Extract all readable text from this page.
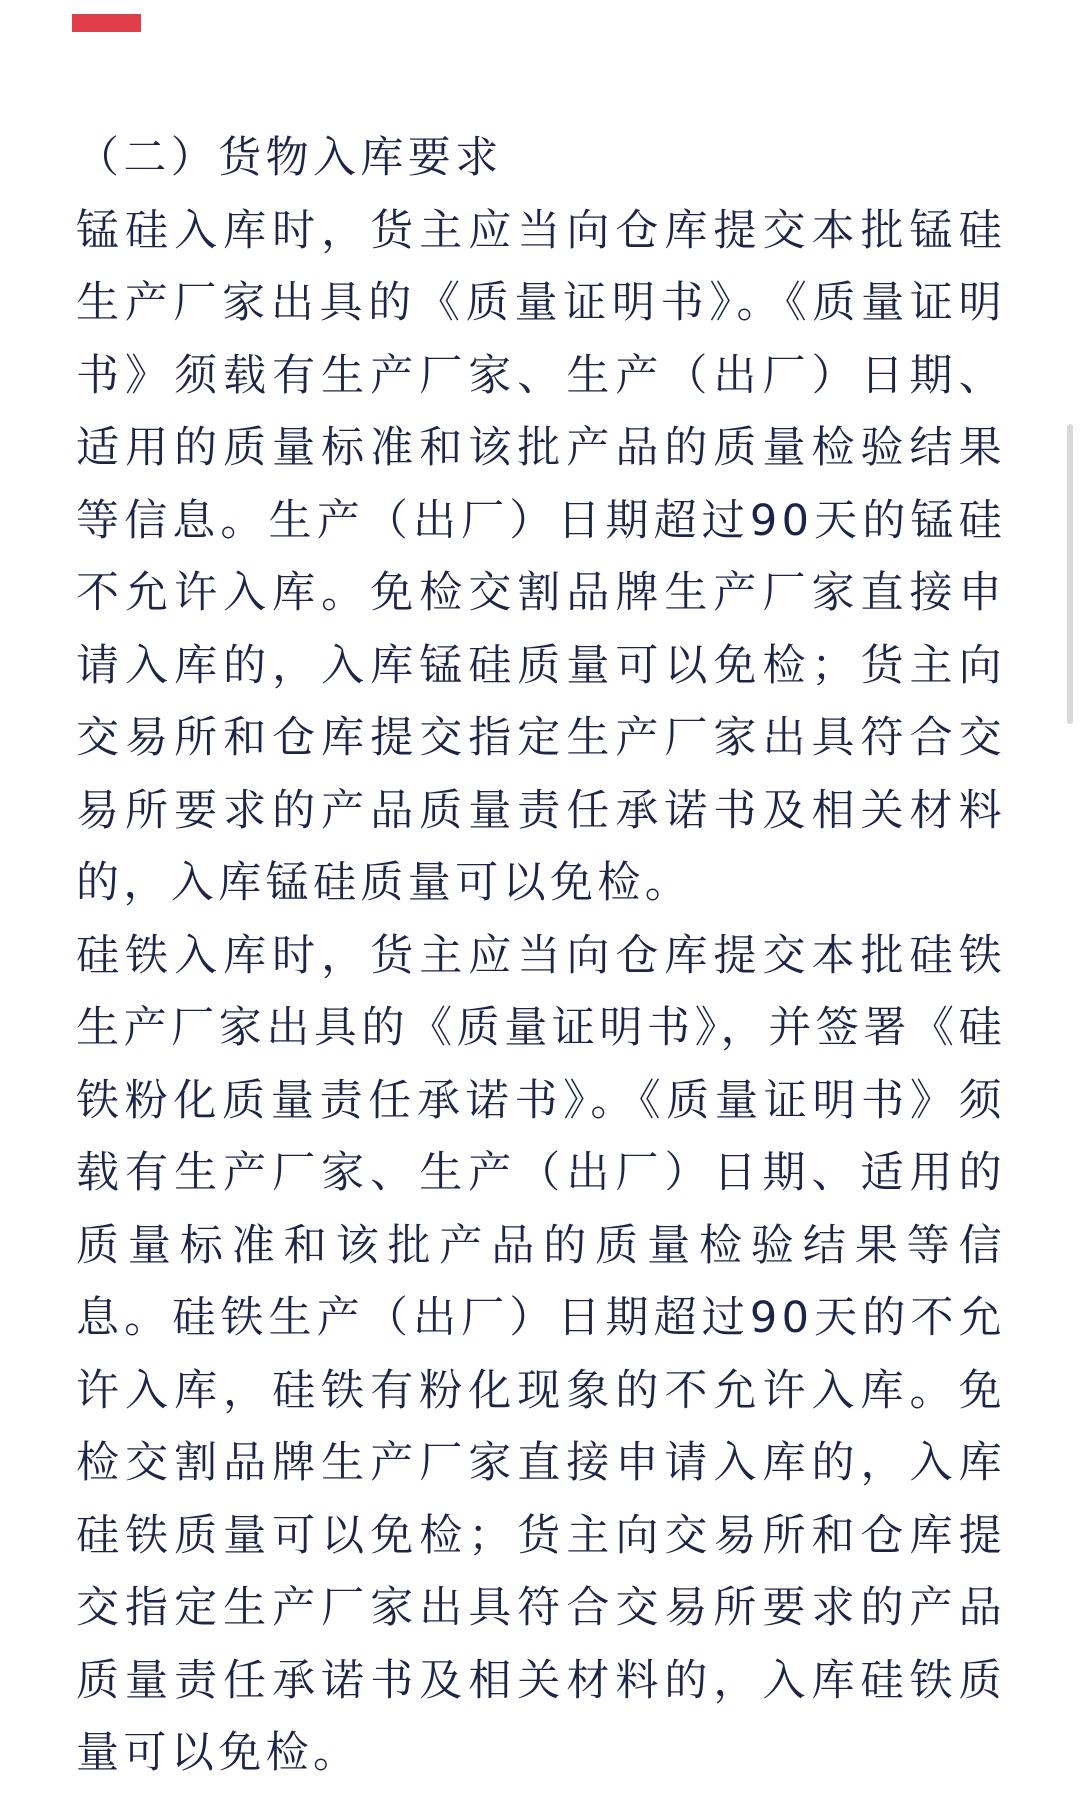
（二）货物入库要求

锰硅入库时，货主应当向仓库提交本批锰硅生产厂家出具的《质量证明书》。《质量证明书》须载有生产厂家、生产（出厂）日期、适用的质量标准和该批产品的质量检验结果等信息。生产（出厂）日期超过90天的锰硅不允许入库。免检交割品牌生产厂家直接申请入库的，入库锰硅质量可以免检；货主向交易所和仓库提交指定生产厂家出具符合交易所要求的产品质量责任承诺书及相关材料的，入库锰硅质量可以免检。

硅铁入库时，货主应当向仓库提交本批硅铁生产厂家出具的《质量证明书》，并签署《硅铁粉化质量责任承诺书》。《质量证明书》须载有生产厂家、生产（出厂）日期、适用的质量标准和该批产品的质量检验结果等信息。硅铁生产（出厂）日期超过90天的不允许入库，硅铁有粉化现象的不允许入库。免检交割品牌生产厂家直接申请入库的，入库硅铁质量可以免检；货主向交易所和仓库提交指定生产厂家出具符合交易所要求的产品质量责任承诺书及相关材料的，入库硅铁质量可以免检。
